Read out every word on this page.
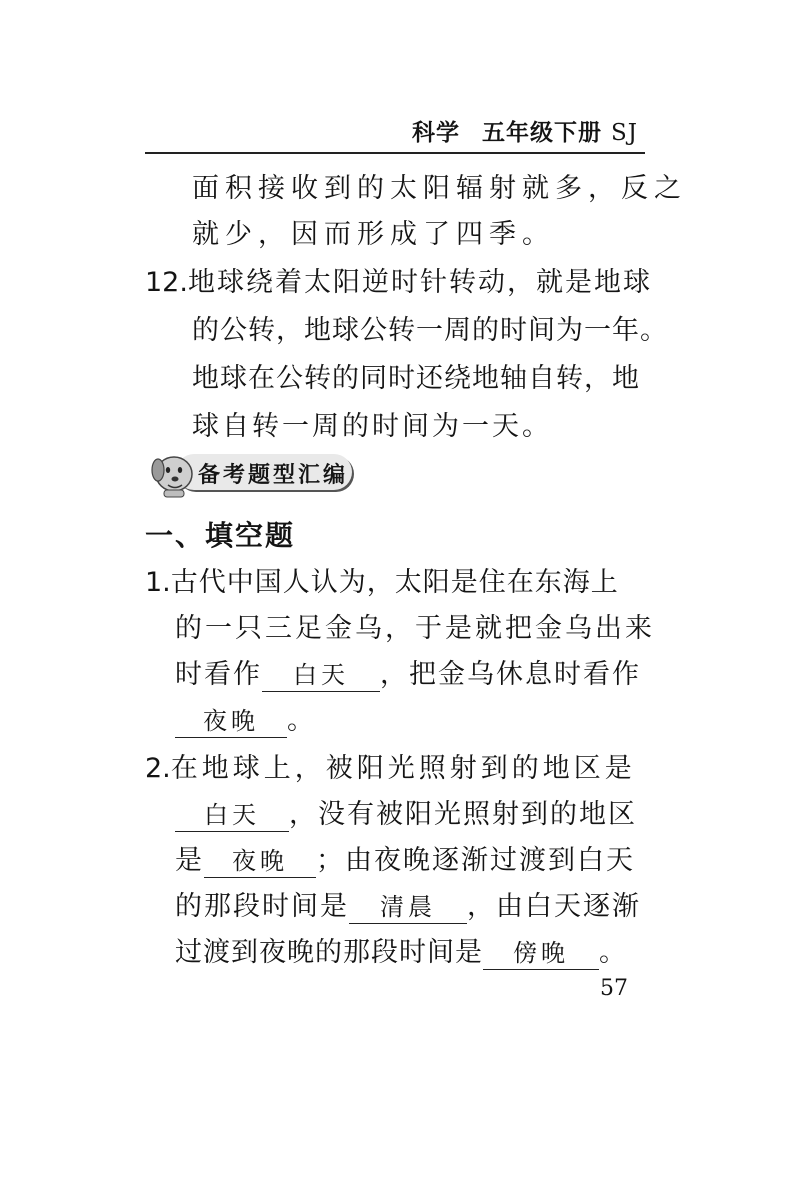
科学 五年级下册 SJ
面积接收到的太阳辐射就多，反之
就少，因而形成了四季。
12.地球绕着太阳逆时针转动，就是地球
的公转，地球公转一周的时间为一年。
地球在公转的同时还绕地轴自转，地
球自转一周的时间为一天。
备考题型汇编
一、填空题
1.古代中国人认为，太阳是住在东海上
的一只三足金乌，于是就把金乌出来
时看作 白天 ，把金乌休息时看作
夜晚 。
2.在地球上，被阳光照射到的地区是
白天 ，没有被阳光照射到的地区
是 夜晚 ；由夜晚逐渐过渡到白天
的那段时间是 清晨 ，由白天逐渐
过渡到夜晚的那段时间是 傍晚 。
57
